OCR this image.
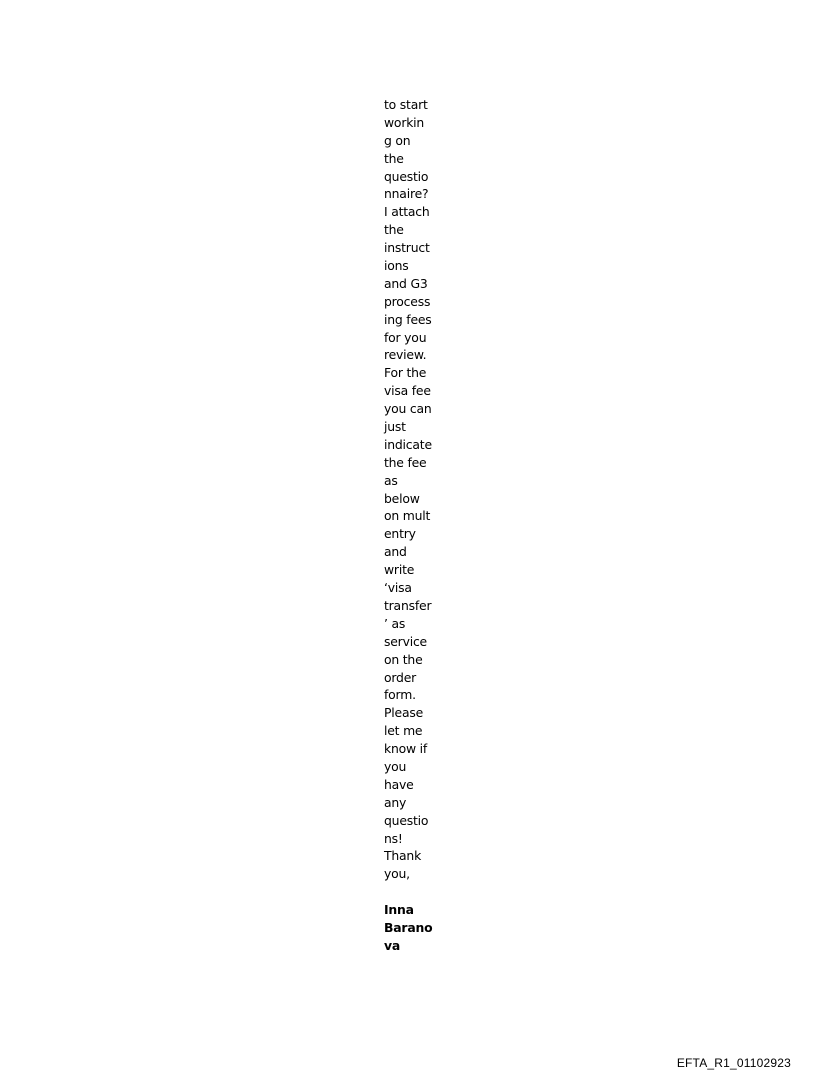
to start
workin
g on
the
questio
nnaire?
I attach
the
instruct
ions
and G3
process
ing fees
for you
review.
For the
visa fee
you can
just
indicate
the fee
as
below
on mult
entry
and
write
‘visa
transfer
’ as
service
on the
order
form.
Please
let me
know if
you
have
any
questio
ns!
Thank
you,
Inna
Barano
va
EFTA_R1_01102923
